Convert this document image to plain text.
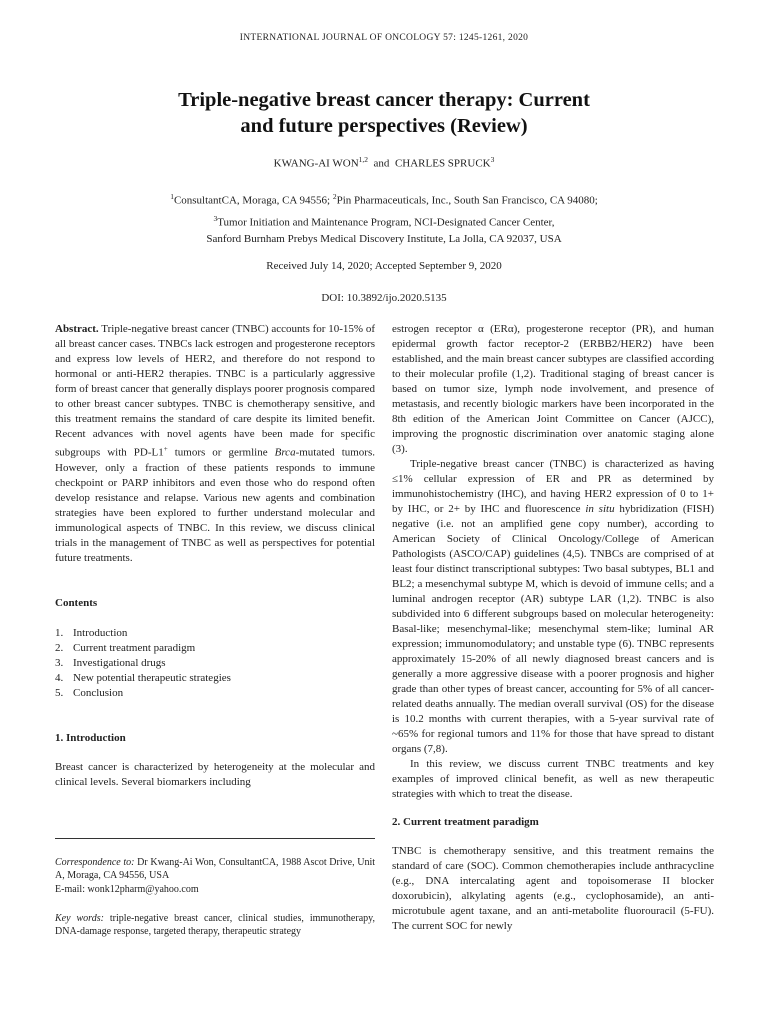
INTERNATIONAL JOURNAL OF ONCOLOGY 57: 1245-1261, 2020
Triple-negative breast cancer therapy: Current
and future perspectives (Review)
KWANG-AI WON$^{1,2}$ and CHARLES SPRUCK$^3$
$^1$ConsultantCA, Moraga, CA 94556; $^2$Pin Pharmaceuticals, Inc., South San Francisco, CA 94080;
$^3$Tumor Initiation and Maintenance Program, NCI-Designated Cancer Center,
Sanford Burnham Prebys Medical Discovery Institute, La Jolla, CA 92037, USA
Received July 14, 2020; Accepted September 9, 2020
DOI: 10.3892/ijo.2020.5135

Abstract. Triple-negative breast cancer (TNBC) accounts for 10-15% of all breast cancer cases. TNBCs lack estrogen and progesterone receptors and express low levels of HER2, and therefore do not respond to hormonal or anti-HER2 therapies. TNBC is a particularly aggressive form of breast cancer that generally displays poorer prognosis compared to other breast cancer subtypes. TNBC is chemotherapy sensitive, and this treatment remains the standard of care despite its limited benefit. Recent advances with novel agents have been made for specific subgroups with PD-L1+ tumors or germline Brca-mutated tumors. However, only a fraction of these patients responds to immune checkpoint or PARP inhibitors and even those who do respond often develop resistance and relapse. Various new agents and combination strategies have been explored to further understand molecular and immunological aspects of TNBC. In this review, we discuss clinical trials in the management of TNBC as well as perspectives for potential future treatments.

Contents

1. Introduction
2. Current treatment paradigm
3. Investigational drugs
4. New potential therapeutic strategies
5. Conclusion

1. Introduction

Breast cancer is characterized by heterogeneity at the molecular and clinical levels. Several biomarkers including

Correspondence to: Dr Kwang-Ai Won, ConsultantCA, 1988 Ascot Drive, Unit A, Moraga, CA 94556, USA

E-mail: wonk12pharm@yahoo.com

Key words: triple-negative breast cancer, clinical studies, immunotherapy, DNA-damage response, targeted therapy, therapeutic strategy

estrogen receptor α (ERα), progesterone receptor (PR), and human epidermal growth factor receptor-2 (ERBB2/HER2) have been established, and the main breast cancer subtypes are classified according to their molecular profile (1,2). Traditional staging of breast cancer is based on tumor size, lymph node involvement, and presence of metastasis, and recently biologic markers have been incorporated in the 8th edition of the American Joint Committee on Cancer (AJCC), improving the prognostic discrimination over anatomic staging alone (3).

Triple-negative breast cancer (TNBC) is characterized as having ≤1% cellular expression of ER and PR as determined by immunohistochemistry (IHC), and having HER2 expression of 0 to 1+ by IHC, or 2+ by IHC and fluorescence in situ hybridization (FISH) negative (i.e. not an amplified gene copy number), according to American Society of Clinical Oncology/College of American Pathologists (ASCO/CAP) guidelines (4,5). TNBCs are comprised of at least four distinct transcriptional subtypes: Two basal subtypes, BL1 and BL2; a mesenchymal subtype M, which is devoid of immune cells; and a luminal androgen receptor (AR) subtype LAR (1,2). TNBC is also subdivided into 6 different subgroups based on molecular heterogeneity: Basal-like; mesenchymal-like; mesenchymal stem-like; luminal AR expression; immunomodulatory; and unstable type (6). TNBC represents approximately 15-20% of all newly diagnosed breast cancers and is generally a more aggressive disease with a poorer prognosis and higher grade than other types of breast cancer, accounting for 5% of all cancer-related deaths annually. The median overall survival (OS) for the disease is 10.2 months with current therapies, with a 5-year survival rate of ~65% for regional tumors and 11% for those that have spread to distant organs (7,8).

In this review, we discuss current TNBC treatments and key examples of improved clinical benefit, as well as new therapeutic strategies with which to treat the disease.

2. Current treatment paradigm

TNBC is chemotherapy sensitive, and this treatment remains the standard of care (SOC). Common chemotherapies include anthracycline (e.g., DNA intercalating agent and topoisomerase II blocker doxorubicin), alkylating agents (e.g., cyclophosamide), an anti-microtubule agent taxane, and an anti-metabolite fluorouracil (5-FU). The current SOC for newly
